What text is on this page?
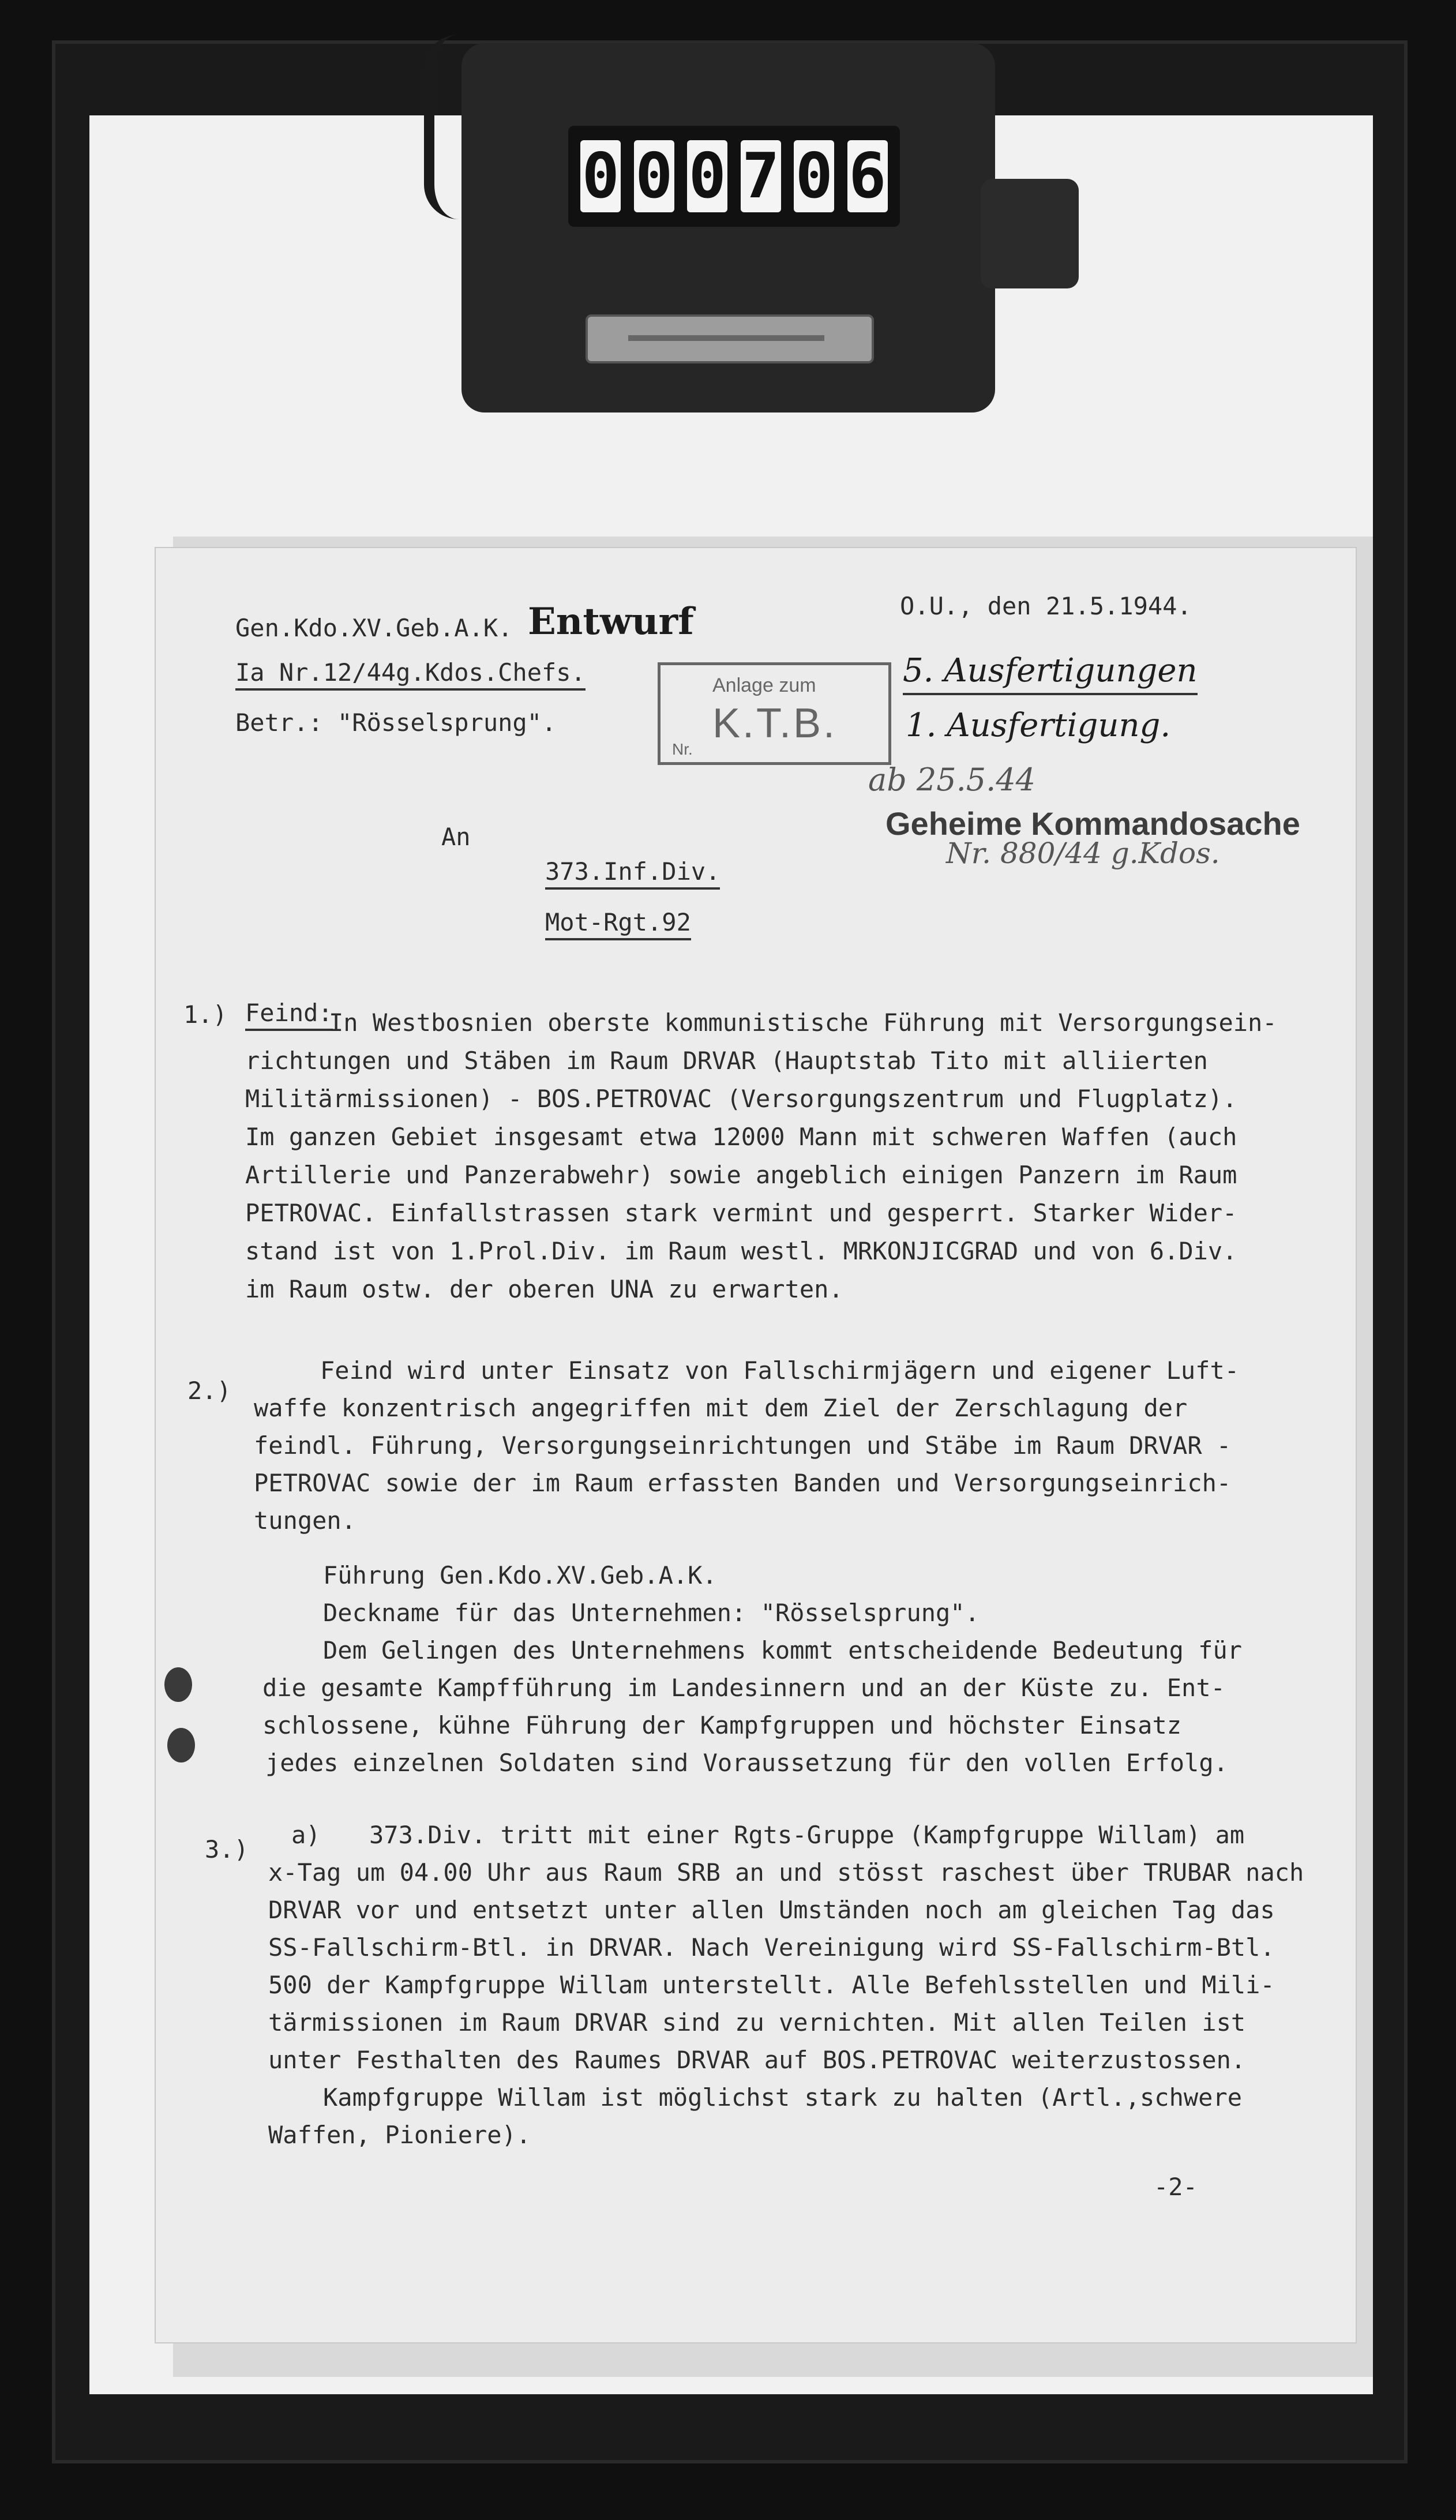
0 0 0 7 0 6
Gen.Kdo.XV.Geb.A.K. Entwurf
Ia Nr.12/44g.Kdos.Chefs.
Betr.: "Rösselsprung".
O.U., den 21.5.1944.
5. Ausfertigungen
1. Ausfertigung.
Anlage zum
K.T.B.
Nr.
ab 25.5.44
Geheime Kommandosache
Nr. 880/44 g.Kdos.
An
373.Inf.Div.
Mot-Rgt.92
1.) Feind:
In Westbosnien oberste kommunistische Führung mit Versorgungsein-
richtungen und Stäben im Raum DRVAR (Hauptstab Tito mit alliierten
Militärmissionen) - BOS.PETROVAC (Versorgungszentrum und Flugplatz).
Im ganzen Gebiet insgesamt etwa 12000 Mann mit schweren Waffen (auch
Artillerie und Panzerabwehr) sowie angeblich einigen Panzern im Raum
PETROVAC. Einfallstrassen stark vermint und gesperrt. Starker Wider-
stand ist von 1.Prol.Div. im Raum westl. MRKONJICGRAD und von 6.Div.
im Raum ostw. der oberen UNA zu erwarten.
2.)
Feind wird unter Einsatz von Fallschirmjägern und eigener Luft-
waffe konzentrisch angegriffen mit dem Ziel der Zerschlagung der
feindl. Führung, Versorgungseinrichtungen und Stäbe im Raum DRVAR -
PETROVAC sowie der im Raum erfassten Banden und Versorgungseinrich-
tungen.
Führung Gen.Kdo.XV.Geb.A.K.
Deckname für das Unternehmen: "Rösselsprung".
Dem Gelingen des Unternehmens kommt entscheidende Bedeutung für
die gesamte Kampfführung im Landesinnern und an der Küste zu. Ent-
schlossene, kühne Führung der Kampfgruppen und höchster Einsatz
jedes einzelnen Soldaten sind Voraussetzung für den vollen Erfolg.
3.)
a) 373.Div. tritt mit einer Rgts-Gruppe (Kampfgruppe Willam) am
x-Tag um 04.00 Uhr aus Raum SRB an und stösst raschest über TRUBAR nach
DRVAR vor und entsetzt unter allen Umständen noch am gleichen Tag das
SS-Fallschirm-Btl. in DRVAR. Nach Vereinigung wird SS-Fallschirm-Btl.
500 der Kampfgruppe Willam unterstellt. Alle Befehlsstellen und Mili-
tärmissionen im Raum DRVAR sind zu vernichten. Mit allen Teilen ist
unter Festhalten des Raumes DRVAR auf BOS.PETROVAC weiterzustossen.
Kampfgruppe Willam ist möglichst stark zu halten (Artl.,schwere
Waffen, Pioniere).
-2-
